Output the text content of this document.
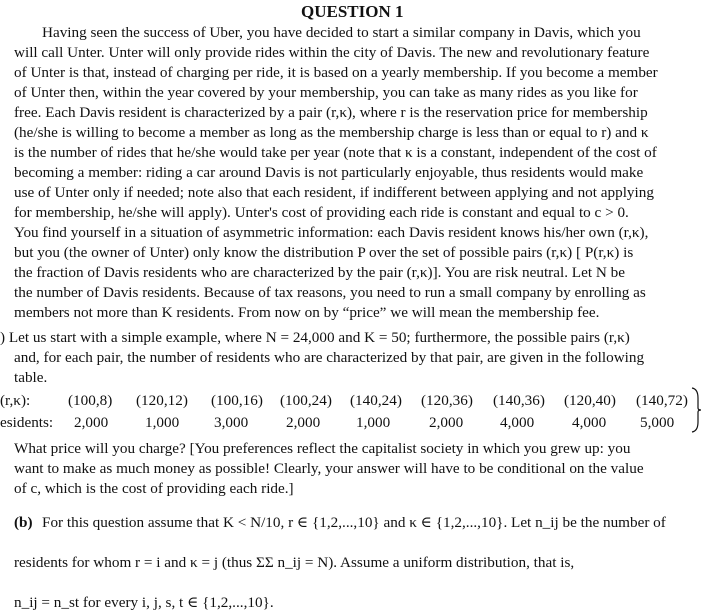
QUESTION 1
Having seen the success of Uber, you have decided to start a similar company in Davis, which you
will call Unter. Unter will only provide rides within the city of Davis. The new and revolutionary feature
of Unter is that, instead of charging per ride, it is based on a yearly membership. If you become a member
of Unter then, within the year covered by your membership, you can take as many rides as you like for
free. Each Davis resident is characterized by a pair (r,κ), where r is the reservation price for membership
(he/she is willing to become a member as long as the membership charge is less than or equal to r) and κ
is the number of rides that he/she would take per year (note that κ is a constant, independent of the cost of
becoming a member: riding a car around Davis is not particularly enjoyable, thus residents would make
use of Unter only if needed; note also that each resident, if indifferent between applying and not applying
for membership, he/she will apply). Unter's cost of providing each ride is constant and equal to c > 0.
You find yourself in a situation of asymmetric information: each Davis resident knows his/her own (r,κ),
but you (the owner of Unter) only know the distribution P over the set of possible pairs (r,κ) [ P(r,κ) is
the fraction of Davis residents who are characterized by the pair (r,κ)]. You are risk neutral. Let N be
the number of Davis residents. Because of tax reasons, you need to run a small company by enrolling as
members not more than K residents. From now on by “price” we will mean the membership fee.
) Let us start with a simple example, where N = 24,000 and K = 50; furthermore, the possible pairs (r,κ)
and, for each pair, the number of residents who are characterized by that pair, are given in the following
table.
(r,κ): (100,8) (120,12) (100,16) (100,24) (140,24) (120,36) (140,36) (120,40) (140,72)
esidents: 2,000 1,000 3,000 2,000 1,000	2,000 4,000 4,000 5,000
What price will you charge? [You preferences reflect the capitalist society in which you grew up: you
want to make as much money as possible! Clearly, your answer will have to be conditional on the value
of c, which is the cost of providing each ride.]
(b) For this question assume that K < N/10, r ∈ {1,2,...,10} and κ ∈ {1,2,...,10}. Let n_ij be the number of
residents for whom r = i and κ = j (thus ΣΣ n_ij = N). Assume a uniform distribution, that is,
n_ij = n_st for every i, j, s, t ∈ {1,2,...,10}.
